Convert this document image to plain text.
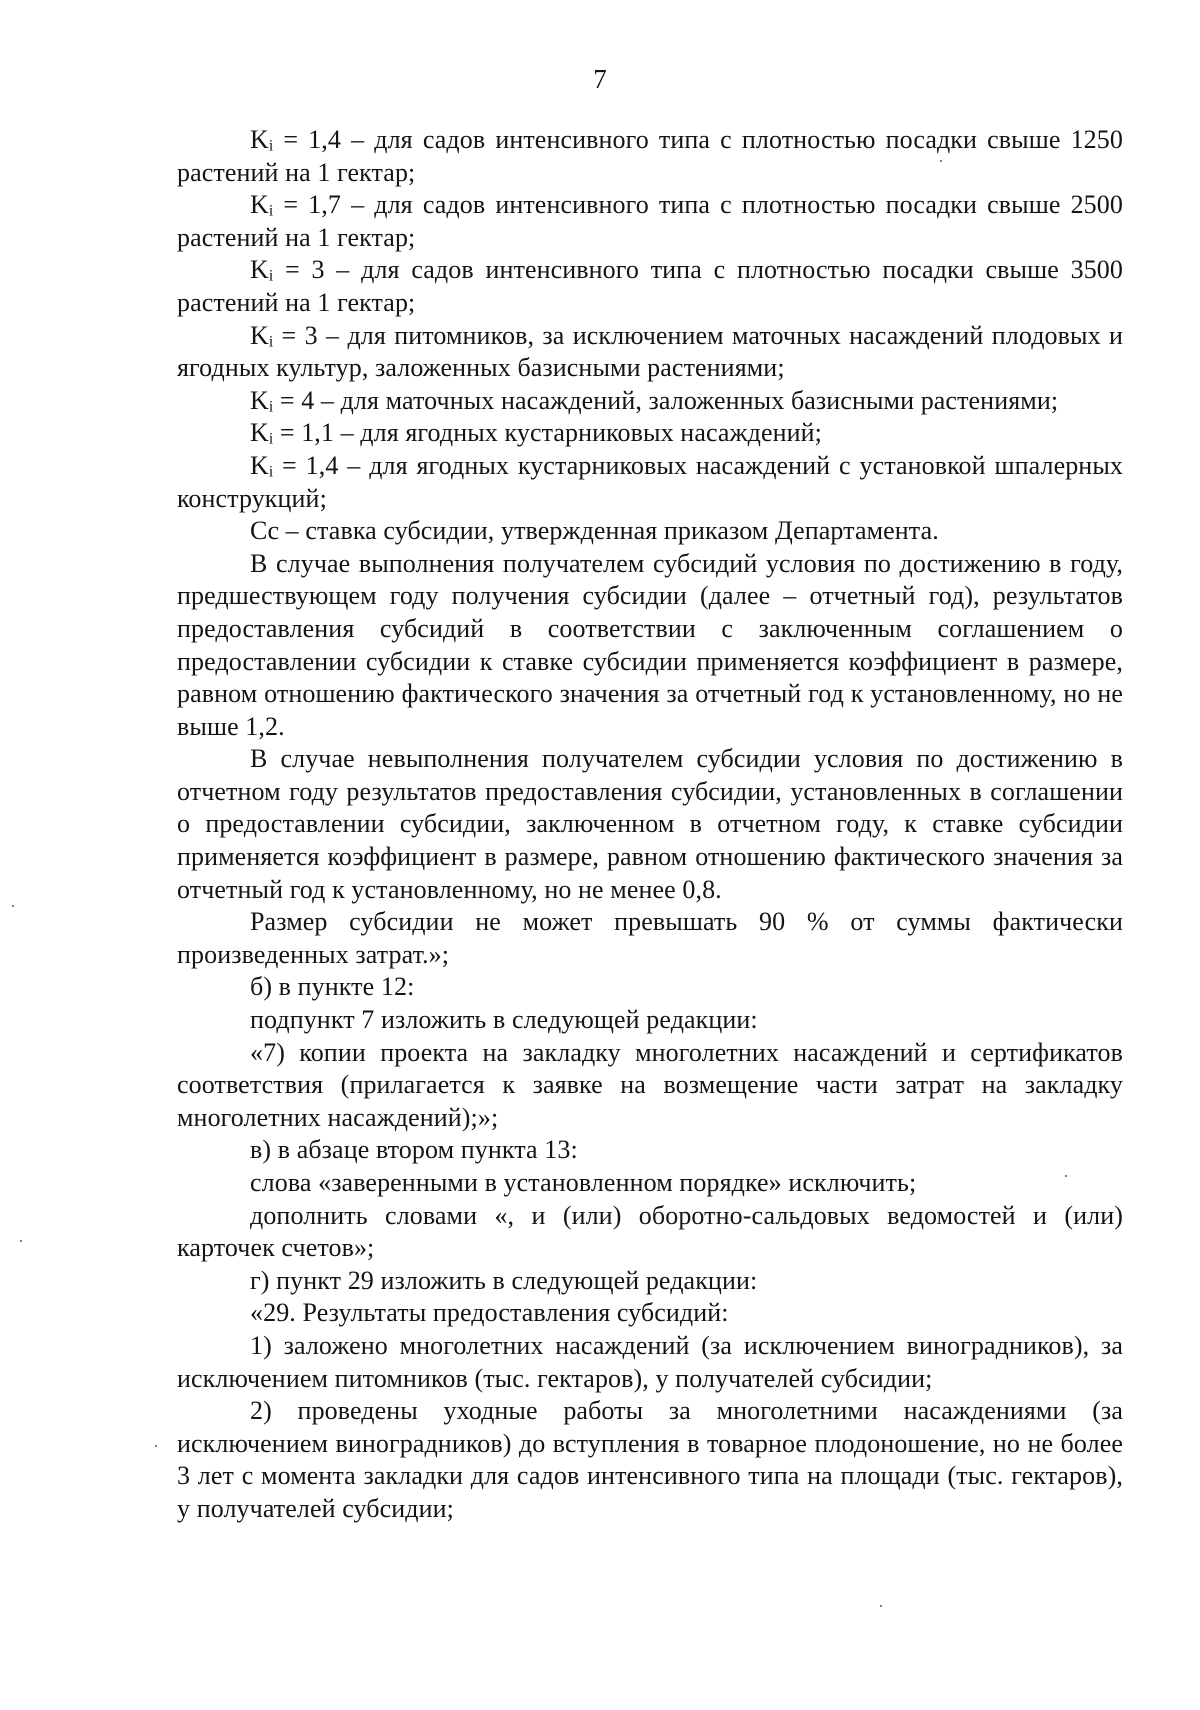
7

Kᵢ = 1,4 – для садов интенсивного типа с плотностью посадки свыше 1250 растений на 1 гектар;

Kᵢ = 1,7 – для садов интенсивного типа с плотностью посадки свыше 2500 растений на 1 гектар;

Kᵢ = 3 – для садов интенсивного типа с плотностью посадки свыше 3500 растений на 1 гектар;

Kᵢ = 3 – для питомников, за исключением маточных насаждений плодовых и ягодных культур, заложенных базисными растениями;

Kᵢ = 4 – для маточных насаждений, заложенных базисными растениями;

Kᵢ = 1,1 – для ягодных кустарниковых насаждений;

Kᵢ = 1,4 – для ягодных кустарниковых насаждений с установкой шпалерных конструкций;

Cc – ставка субсидии, утвержденная приказом Департамента.

В случае выполнения получателем субсидий условия по достижению в году, предшествующем году получения субсидии (далее – отчетный год), результатов предоставления субсидий в соответствии с заключенным соглашением о предоставлении субсидии к ставке субсидии применяется коэффициент в размере, равном отношению фактического значения за отчетный год к установленному, но не выше 1,2.

В случае невыполнения получателем субсидии условия по достижению в отчетном году результатов предоставления субсидии, установленных в соглашении о предоставлении субсидии, заключенном в отчетном году, к ставке субсидии применяется коэффициент в размере, равном отношению фактического значения за отчетный год к установленному, но не менее 0,8.

Размер субсидии не может превышать 90 % от суммы фактически произведенных затрат.»;

б) в пункте 12:

подпункт 7 изложить в следующей редакции:

«7) копии проекта на закладку многолетних насаждений и сертификатов соответствия (прилагается к заявке на возмещение части затрат на закладку многолетних насаждений);»;

в) в абзаце втором пункта 13:

слова «заверенными в установленном порядке» исключить;

дополнить словами «, и (или) оборотно-сальдовых ведомостей и (или) карточек счетов»;

г) пункт 29 изложить в следующей редакции:

«29. Результаты предоставления субсидий:

1) заложено многолетних насаждений (за исключением виноградников), за исключением питомников (тыс. гектаров), у получателей субсидии;

2) проведены уходные работы за многолетними насаждениями (за исключением виноградников) до вступления в товарное плодоношение, но не более 3 лет с момента закладки для садов интенсивного типа на площади (тыс. гектаров), у получателей субсидии;
